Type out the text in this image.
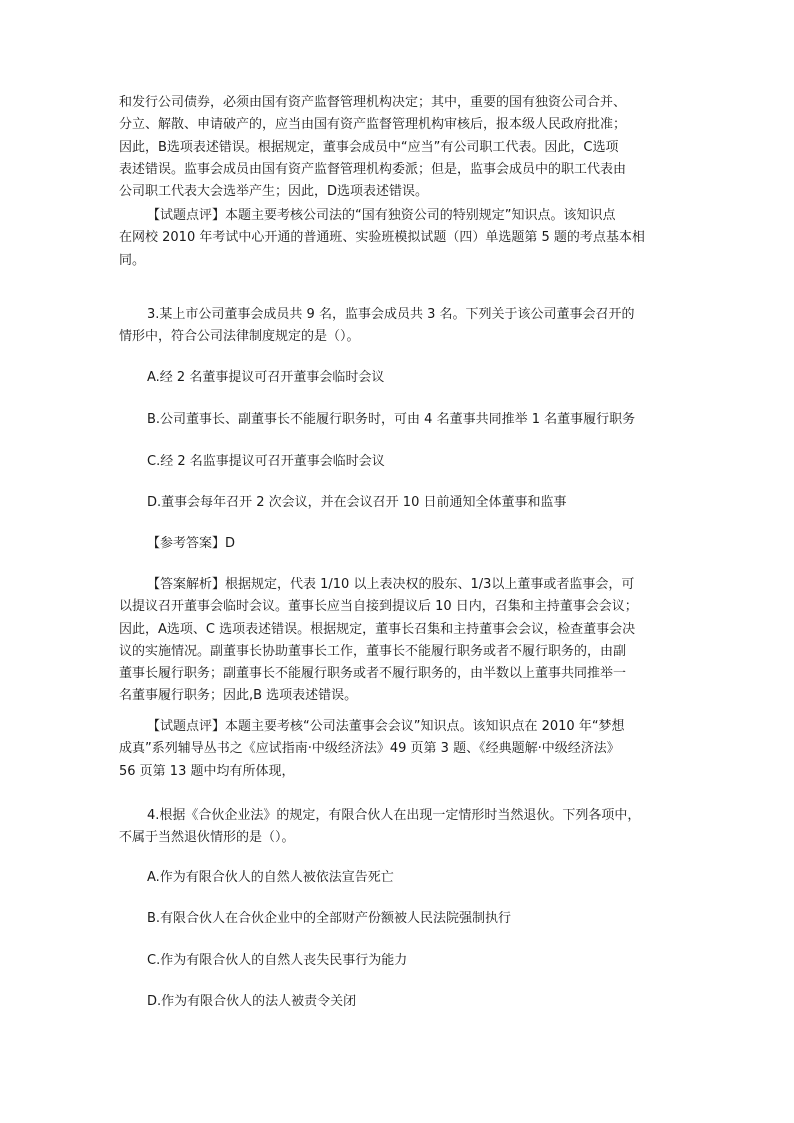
和发行公司债券，必须由国有资产监督管理机构决定；其中，重要的国有独资公司合并、
分立、解散、申请破产的，应当由国有资产监督管理机构审核后，报本级人民政府批准；
因此，B选项表述错误。根据规定，董事会成员中“应当”有公司职工代表。因此，C选项
表述错误。监事会成员由国有资产监督管理机构委派；但是，监事会成员中的职工代表由
公司职工代表大会选举产生；因此，D选项表述错误。
【试题点评】本题主要考核公司法的“国有独资公司的特别规定”知识点。该知识点
在网校 2010 年考试中心开通的普通班、实验班模拟试题（四）单选题第 5 题的考点基本相
同。
3.某上市公司董事会成员共 9 名，监事会成员共 3 名。下列关于该公司董事会召开的
情形中，符合公司法律制度规定的是（）。
A.经 2 名董事提议可召开董事会临时会议
B.公司董事长、副董事长不能履行职务时，可由 4 名董事共同推举 1 名董事履行职务
C.经 2 名监事提议可召开董事会临时会议
D.董事会每年召开 2 次会议，并在会议召开 10 日前通知全体董事和监事
【参考答案】D
【答案解析】根据规定，代表 1/10 以上表决权的股东、1/3以上董事或者监事会，可
以提议召开董事会临时会议。董事长应当自接到提议后 10 日内，召集和主持董事会会议；
因此，A选项、C 选项表述错误。根据规定，董事长召集和主持董事会会议，检查董事会决
议的实施情况。副董事长协助董事长工作，董事长不能履行职务或者不履行职务的，由副
董事长履行职务；副董事长不能履行职务或者不履行职务的，由半数以上董事共同推举一
名董事履行职务；因此,B 选项表述错误。
【试题点评】本题主要考核“公司法董事会会议”知识点。该知识点在 2010 年“梦想
成真”系列辅导丛书之《应试指南·中级经济法》49 页第 3 题、《经典题解·中级经济法》
56 页第 13 题中均有所体现，
4.根据《合伙企业法》的规定，有限合伙人在出现一定情形时当然退伙。下列各项中，
不属于当然退伙情形的是（）。
A.作为有限合伙人的自然人被依法宣告死亡
B.有限合伙人在合伙企业中的全部财产份额被人民法院强制执行
C.作为有限合伙人的自然人丧失民事行为能力
D.作为有限合伙人的法人被责令关闭
